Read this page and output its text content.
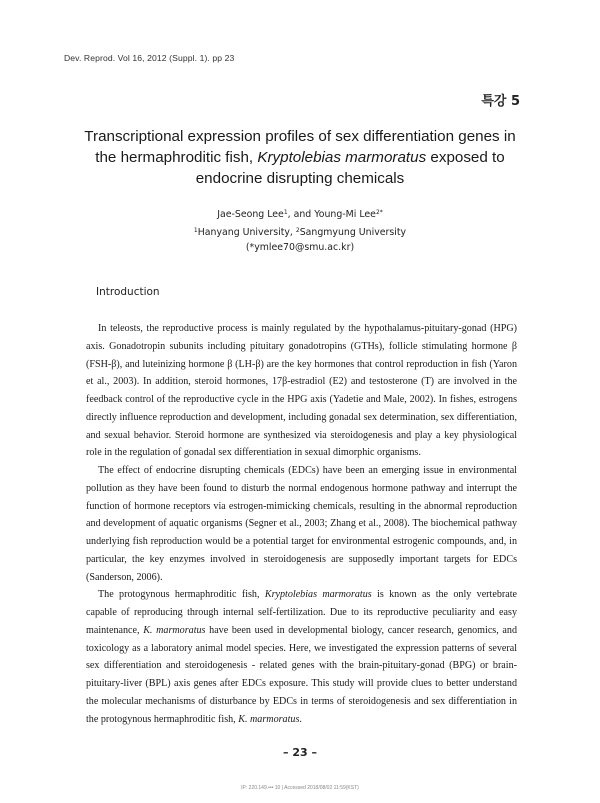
Dev. Reprod. Vol 16, 2012 (Suppl. 1). pp 23
특강 5
Transcriptional expression profiles of sex differentiation genes in
the hermaphroditic fish, Kryptolebias marmoratus exposed to
endocrine disrupting chemicals
Jae-Seong Lee$^1$, and Young-Mi Lee$^{2*}$
$^1$Hanyang University, $^2$Sangmyung University
(*ymlee70@smu.ac.kr)
Introduction

In teleosts, the reproductive process is mainly regulated by the hypothalamus-pituitary-gonad (HPG) axis. Gonadotropin subunits including pituitary gonadotropins (GTHs), follicle stimulating hormone β (FSH-β), and luteinizing hormone β (LH-β) are the key hormones that control reproduction in fish (Yaron et al., 2003). In addition, steroid hormones, 17β-estradiol (E2) and testosterone (T) are involved in the feedback control of the reproductive cycle in the HPG axis (Yadetie and Male, 2002). In fishes, estrogens directly influence reproduction and development, including gonadal sex determination, sex differentiation, and sexual behavior. Steroid hormone are synthesized via steroidogenesis and play a key physiological role in the regulation of gonadal sex differentiation in sexual dimorphic organisms.

The effect of endocrine disrupting chemicals (EDCs) have been an emerging issue in environmental pollution as they have been found to disturb the normal endogenous hormone pathway and interrupt the function of hormone receptors via estrogen-mimicking chemicals, resulting in the abnormal reproduction and development of aquatic organisms (Segner et al., 2003; Zhang et al., 2008). The biochemical pathway underlying fish reproduction would be a potential target for environmental estrogenic compounds, and, in particular, the key enzymes involved in steroidogenesis are supposedly important targets for EDCs (Sanderson, 2006).

The protogynous hermaphroditic fish, Kryptolebias marmoratus is known as the only vertebrate capable of reproducing through internal self-fertilization. Due to its reproductive peculiarity and easy maintenance, K. marmoratus have been used in developmental biology, cancer research, genomics, and toxicology as a laboratory animal model species. Here, we investigated the expression patterns of several sex differentiation and steroidogenesis - related genes with the brain-pituitary-gonad (BPG) or brain-pituitary-liver (BPL) axis genes after EDCs exposure. This study will provide clues to better understand the molecular mechanisms of disturbance by EDCs in terms of steroidogenesis and sex differentiation in the protogynous hermaphroditic fish, K. marmoratus.

– 23 –
IP: 220.149.••• 10 | Accessed 2018/08/02 11:59(KST)
